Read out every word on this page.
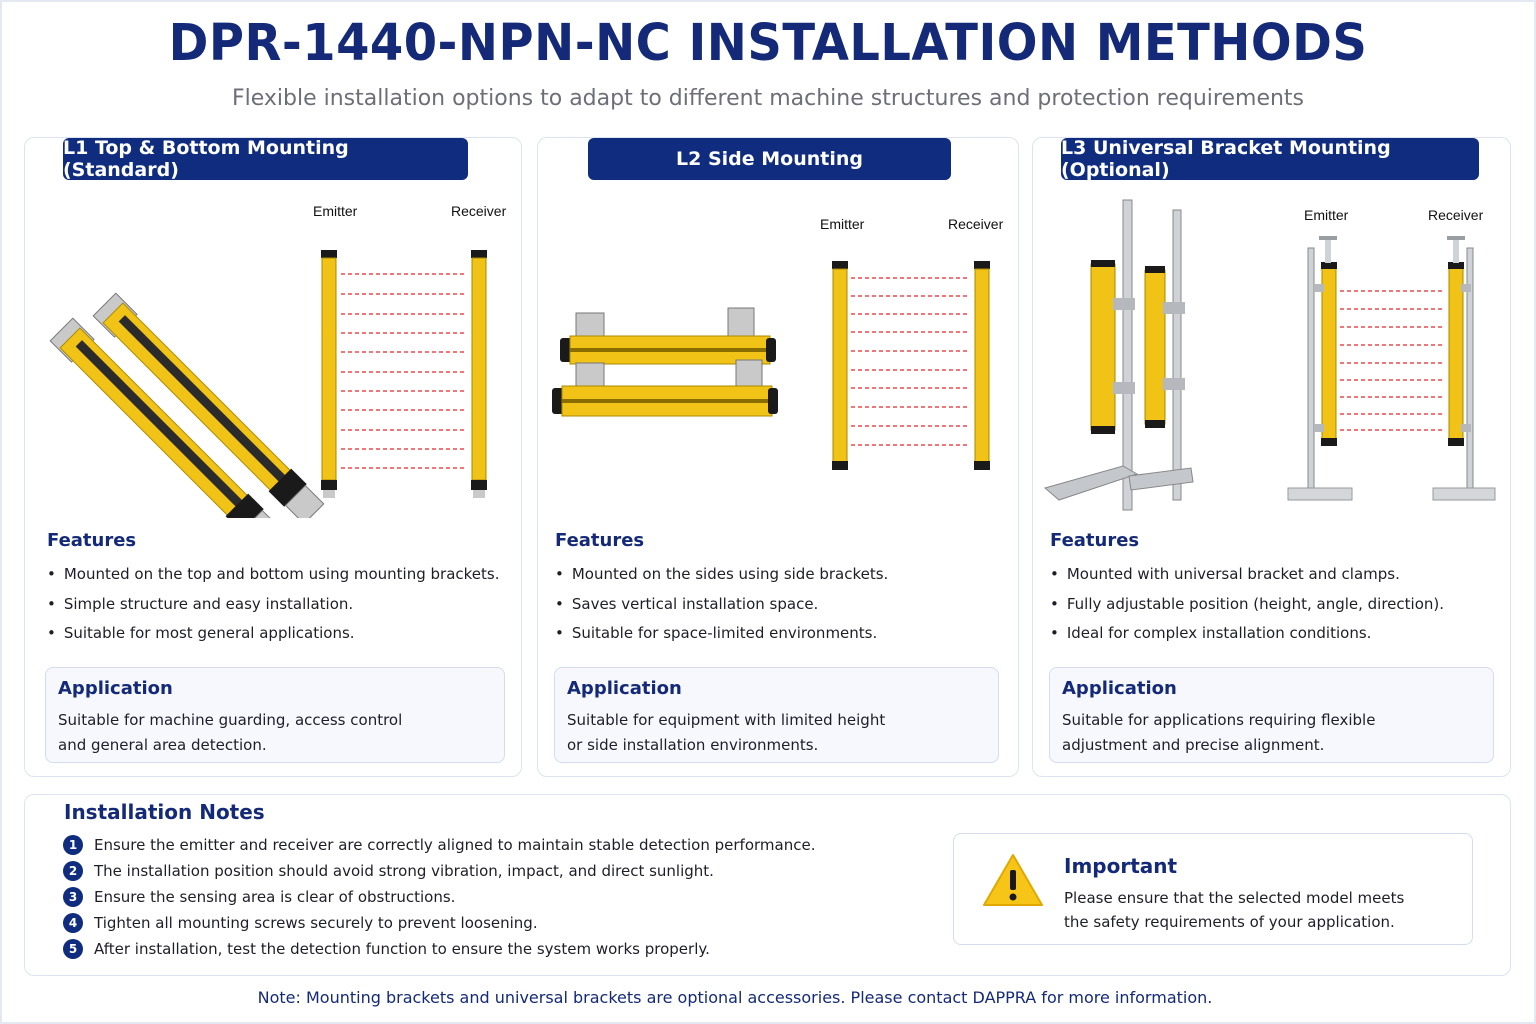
DPR-1440-NPN-NC INSTALLATION METHODS
Flexible installation options to adapt to different machine structures and protection requirements
L1 Top & Bottom Mounting (Standard)
Emitter	Receiver
Features
• Mounted on the top and bottom using mounting brackets.
• Simple structure and easy installation.
• Suitable for most general applications.
Application
Suitable for machine guarding, access control
and general area detection.
L2 Side Mounting
Emitter	Receiver
Features
• Mounted on the sides using side brackets.
• Saves vertical installation space.
• Suitable for space-limited environments.
Application
Suitable for equipment with limited height
or side installation environments.
L3 Universal Bracket Mounting (Optional)
Emitter	Receiver
Features
• Mounted with universal bracket and clamps.
• Fully adjustable position (height, angle, direction).
• Ideal for complex installation conditions.
Application
Suitable for applications requiring flexible
adjustment and precise alignment.
Installation Notes
1	Ensure the emitter and receiver are correctly aligned to maintain stable detection performance.
2	The installation position should avoid strong vibration, impact, and direct sunlight.
3	Ensure the sensing area is clear of obstructions.
4	Tighten all mounting screws securely to prevent loosening.
5	After installation, test the detection function to ensure the system works properly.
Important
Please ensure that the selected model meets
the safety requirements of your application.
Note: Mounting brackets and universal brackets are optional accessories. Please contact DAPPRA for more information.
